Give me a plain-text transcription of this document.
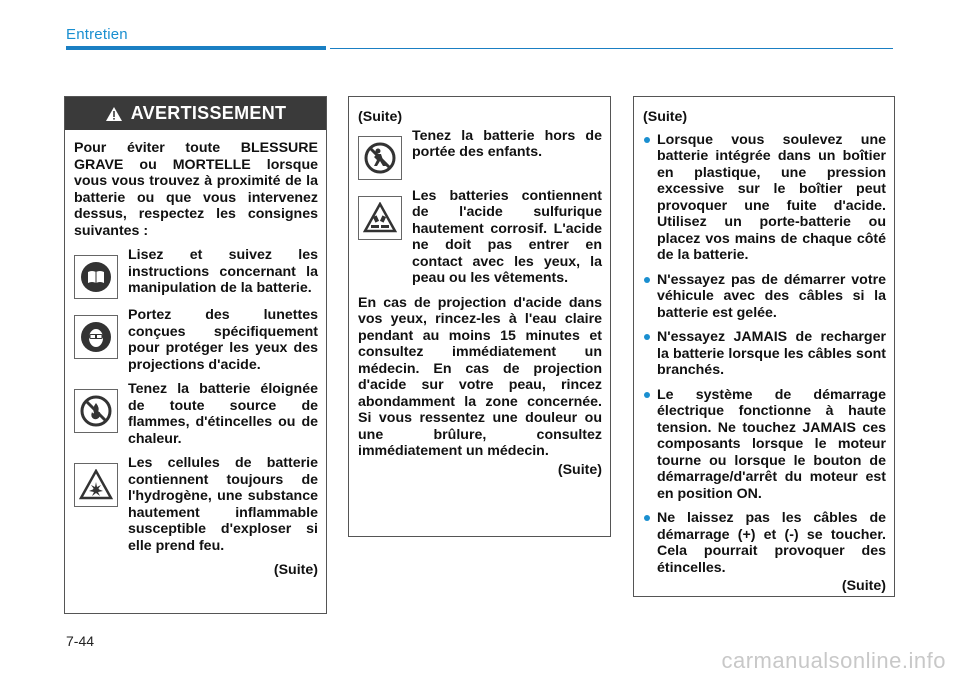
Entretien
AVERTISSEMENT
Pour éviter toute BLESSURE GRAVE ou MORTELLE lorsque vous vous trouvez à proximité de la batterie ou que vous intervenez dessus, respectez les consignes suivantes :
Lisez et suivez les instructions concernant la manipulation de la batterie.
Portez des lunettes conçues spécifiquement pour protéger les yeux des projections d'acide.
Tenez la batterie éloignée de toute source de flammes, d'étincelles ou de chaleur.
Les cellules de batterie contiennent toujours de l'hydrogène, une substance hautement inflammable susceptible d'exploser si elle prend feu.
(Suite)
(Suite)
Tenez la batterie hors de portée des enfants.
Les batteries contiennent de l'acide sulfurique hautement corrosif. L'acide ne doit pas entrer en contact avec les yeux, la peau ou les vêtements.
En cas de projection d'acide dans vos yeux, rincez-les à l'eau claire pendant au moins 15 minutes et consultez immédiatement un médecin. En cas de projection d'acide sur votre peau, rincez abondamment la zone concernée. Si vous ressentez une douleur ou une brûlure, consultez immédiatement un médecin.
(Suite)
(Suite)
Lorsque vous soulevez une batterie intégrée dans un boîtier en plastique, une pression excessive sur le boîtier peut provoquer une fuite d'acide. Utilisez un porte-batterie ou placez vos mains de chaque côté de la batterie.
N'essayez pas de démarrer votre véhicule avec des câbles si la batterie est gelée.
N'essayez JAMAIS de recharger la batterie lorsque les câbles sont branchés.
Le système de démarrage électrique fonctionne à haute tension. Ne touchez JAMAIS ces composants lorsque le moteur tourne ou lorsque le bouton de démarrage/d'arrêt du moteur est en position ON.
Ne laissez pas les câbles de démarrage (+) et (-) se toucher. Cela pourrait provoquer des étincelles.
(Suite)
7-44
carmanualsonline.info
